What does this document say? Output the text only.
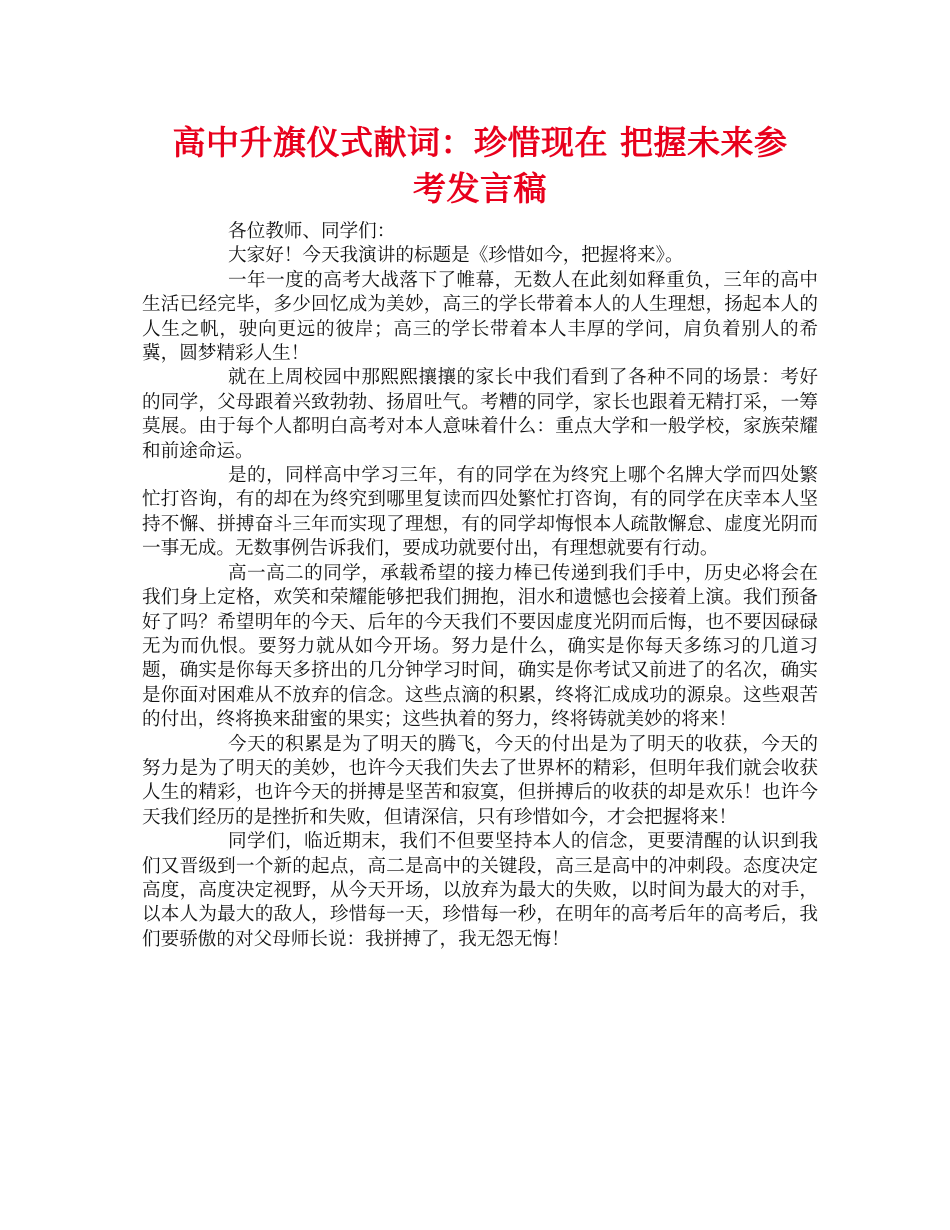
高中升旗仪式献词：珍惜现在 把握未来参
考发言稿

各位教师、同学们：

大家好！今天我演讲的标题是《珍惜如今，把握将来》。

一年一度的高考大战落下了帷幕，无数人在此刻如释重负，三年的高中生活已经完毕，多少回忆成为美妙，高三的学长带着本人的人生理想，扬起本人的人生之帆，驶向更远的彼岸；高三的学长带着本人丰厚的学问，肩负着别人的希冀，圆梦精彩人生！

就在上周校园中那熙熙攘攘的家长中我们看到了各种不同的场景：考好的同学，父母跟着兴致勃勃、扬眉吐气。考糟的同学，家长也跟着无精打采，一筹莫展。由于每个人都明白高考对本人意味着什么：重点大学和一般学校，家族荣耀和前途命运。

是的，同样高中学习三年，有的同学在为终究上哪个名牌大学而四处繁忙打咨询，有的却在为终究到哪里复读而四处繁忙打咨询，有的同学在庆幸本人坚持不懈、拼搏奋斗三年而实现了理想，有的同学却悔恨本人疏散懈怠、虚度光阴而一事无成。无数事例告诉我们，要成功就要付出，有理想就要有行动。

高一高二的同学，承载希望的接力棒已传递到我们手中，历史必将会在我们身上定格，欢笑和荣耀能够把我们拥抱，泪水和遗憾也会接着上演。我们预备好了吗？希望明年的今天、后年的今天我们不要因虚度光阴而后悔，也不要因碌碌无为而仇恨。要努力就从如今开场。努力是什么，确实是你每天多练习的几道习题，确实是你每天多挤出的几分钟学习时间，确实是你考试又前进了的名次，确实是你面对困难从不放弃的信念。这些点滴的积累，终将汇成成功的源泉。这些艰苦的付出，终将换来甜蜜的果实；这些执着的努力，终将铸就美妙的将来！

今天的积累是为了明天的腾飞，今天的付出是为了明天的收获，今天的努力是为了明天的美妙，也许今天我们失去了世界杯的精彩，但明年我们就会收获人生的精彩，也许今天的拼搏是坚苦和寂寞，但拼搏后的收获的却是欢乐！也许今天我们经历的是挫折和失败，但请深信，只有珍惜如今，才会把握将来！

同学们，临近期末，我们不但要坚持本人的信念，更要清醒的认识到我们又晋级到一个新的起点，高二是高中的关键段，高三是高中的冲刺段。态度决定高度，高度决定视野，从今天开场，以放弃为最大的失败，以时间为最大的对手，以本人为最大的敌人，珍惜每一天，珍惜每一秒，在明年的高考后年的高考后，我们要骄傲的对父母师长说：我拼搏了，我无怨无悔！
